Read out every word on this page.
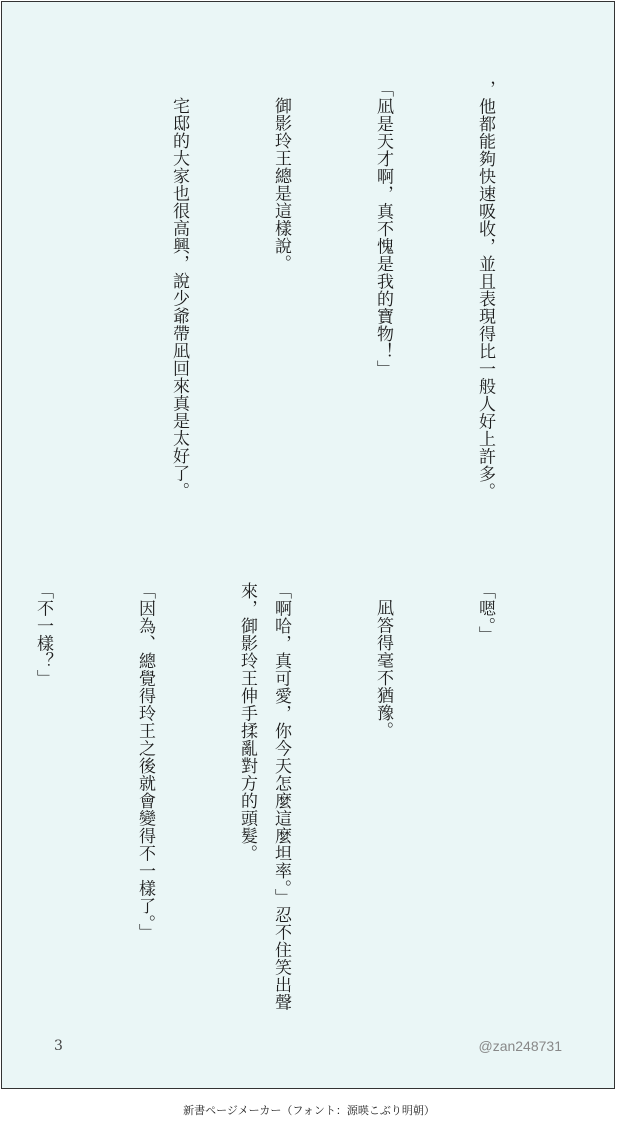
，他都能夠快速吸收，並且表現得比一般人好上許多。

「凪是天才啊，真不愧是我的寶物！」

御影玲王總是這樣說。

宅邸的大家也很高興，說少爺帶凪回來真是太好了。

「嗯。」

凪答得毫不猶豫。

「啊哈，真可愛，你今天怎麼這麼坦率。」忍不住笑出聲來，御影玲王伸手揉亂對方的頭髮。

「因為、總覺得玲王之後就會變得不一樣了。」

「不一樣？」

3	@zan248731
新書ページメーカー（フォント：源暎こぶり明朝）
